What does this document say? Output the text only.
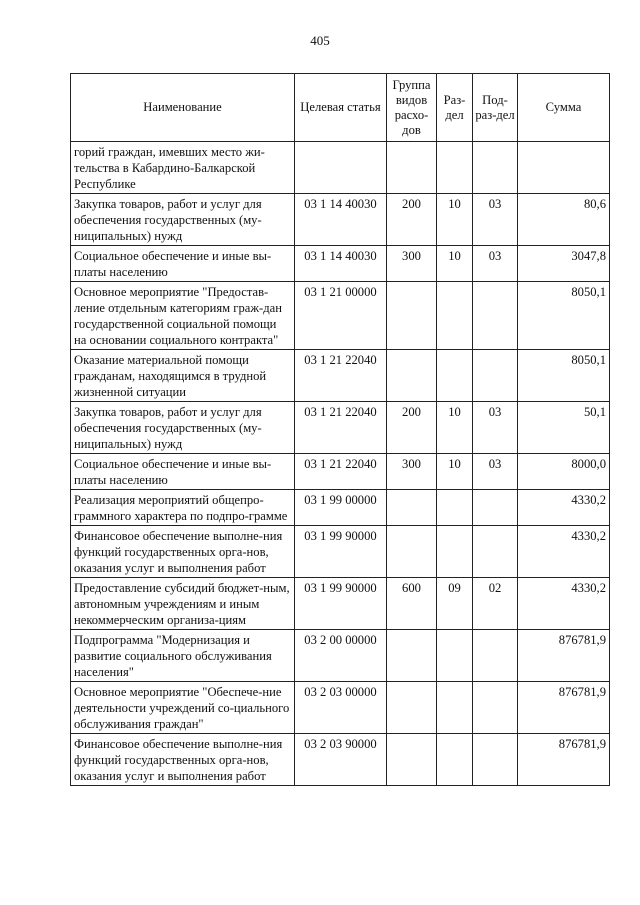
405
Наименование	Целевая статья	Группа видов расхо-дов	Раз-дел	Под-раз-дел	Сумма
горий граждан, имевших место жи-тельства в Кабардино-Балкарской Республике					
Закупка товаров, работ и услуг для обеспечения государственных (му-ниципальных) нужд	03 1 14 40030	200	10	03	80,6
Социальное обеспечение и иные вы-платы населению	03 1 14 40030	300	10	03	3047,8
Основное мероприятие "Предостав-ление отдельным категориям граж-дан государственной социальной помощи на основании социального контракта"	03 1 21 00000				8050,1
Оказание материальной помощи гражданам, находящимся в трудной жизненной ситуации	03 1 21 22040				8050,1
Закупка товаров, работ и услуг для обеспечения государственных (му-ниципальных) нужд	03 1 21 22040	200	10	03	50,1
Социальное обеспечение и иные вы-платы населению	03 1 21 22040	300	10	03	8000,0
Реализация мероприятий общепро-граммного характера по подпро-грамме	03 1 99 00000				4330,2
Финансовое обеспечение выполне-ния функций государственных орга-нов, оказания услуг и выполнения работ	03 1 99 90000				4330,2
Предоставление субсидий бюджет-ным, автономным учреждениям и иным некоммерческим организа-циям	03 1 99 90000	600	09	02	4330,2
Подпрограмма "Модернизация и развитие социального обслуживания населения"	03 2 00 00000				876781,9
Основное мероприятие "Обеспече-ние деятельности учреждений со-циального обслуживания граждан"	03 2 03 00000				876781,9
Финансовое обеспечение выполне-ния функций государственных орга-нов, оказания услуг и выполнения работ	03 2 03 90000				876781,9
